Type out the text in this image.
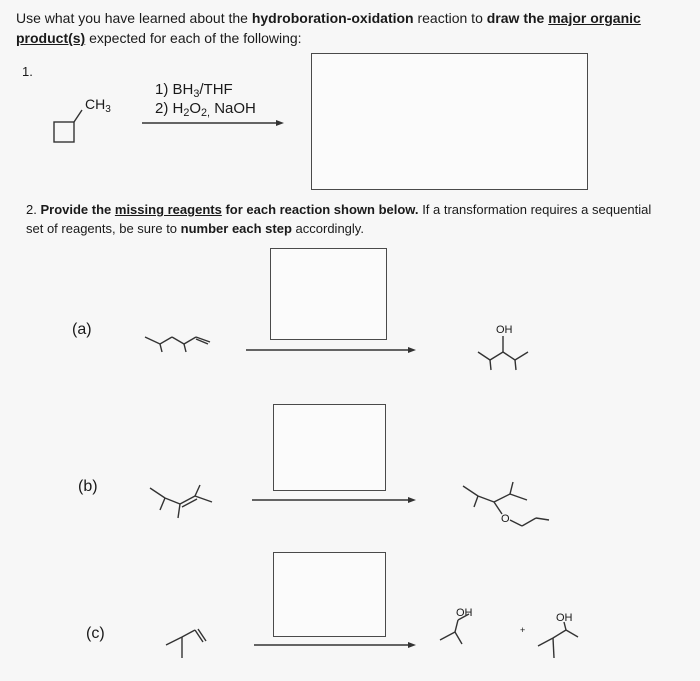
Use what you have learned about the hydroboration-oxidation reaction to draw the major organic product(s) expected for each of the following:
1.
$CH_3$
1) $BH_3$/THF
2) $H_2O_{2,}$ NaOH
2. Provide the missing reagents for each reaction shown below. If a transformation requires a sequential set of reagents, be sure to number each step accordingly.
(a)
(b)
(c)
OH
O
OH
+
OH
